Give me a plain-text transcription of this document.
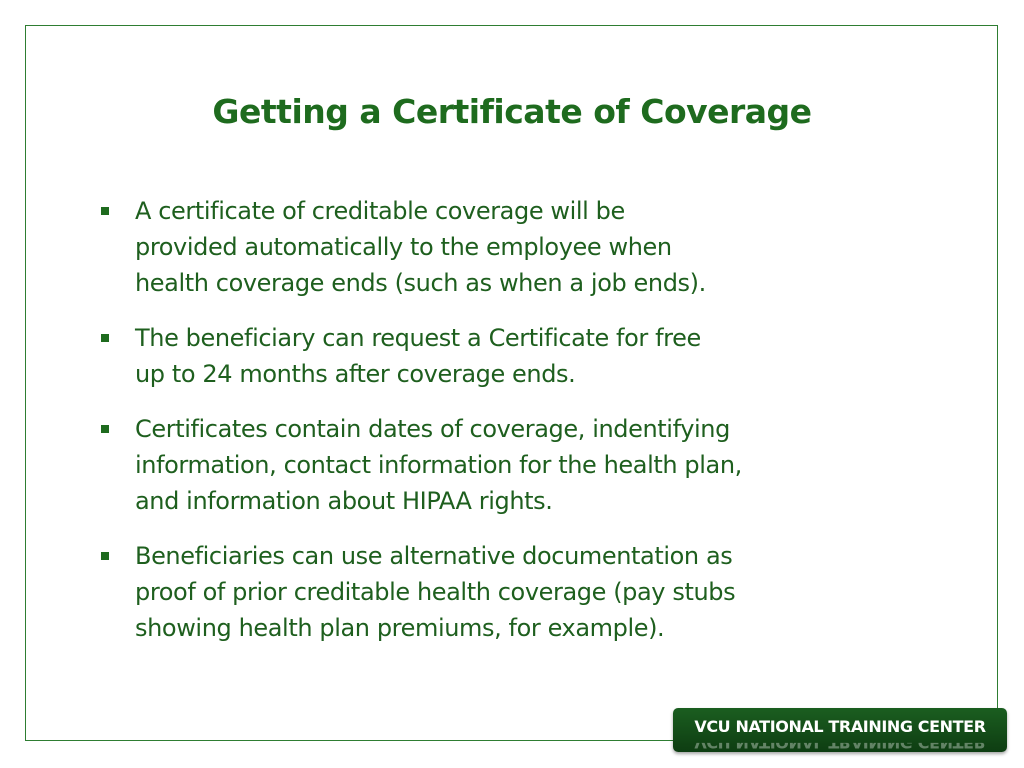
Getting a Certificate of Coverage
A certificate of creditable coverage will be
provided automatically to the employee when
health coverage ends (such as when a job ends).
The beneficiary can request a Certificate for free
up to 24 months after coverage ends.
Certificates contain dates of coverage, indentifying
information, contact information for the health plan,
and information about HIPAA rights.
Beneficiaries can use alternative documentation as
proof of prior creditable health coverage (pay stubs
showing health plan premiums, for example).
VCU NATIONAL TRAINING CENTER VCU NATIONAL TRAINING CENTER
